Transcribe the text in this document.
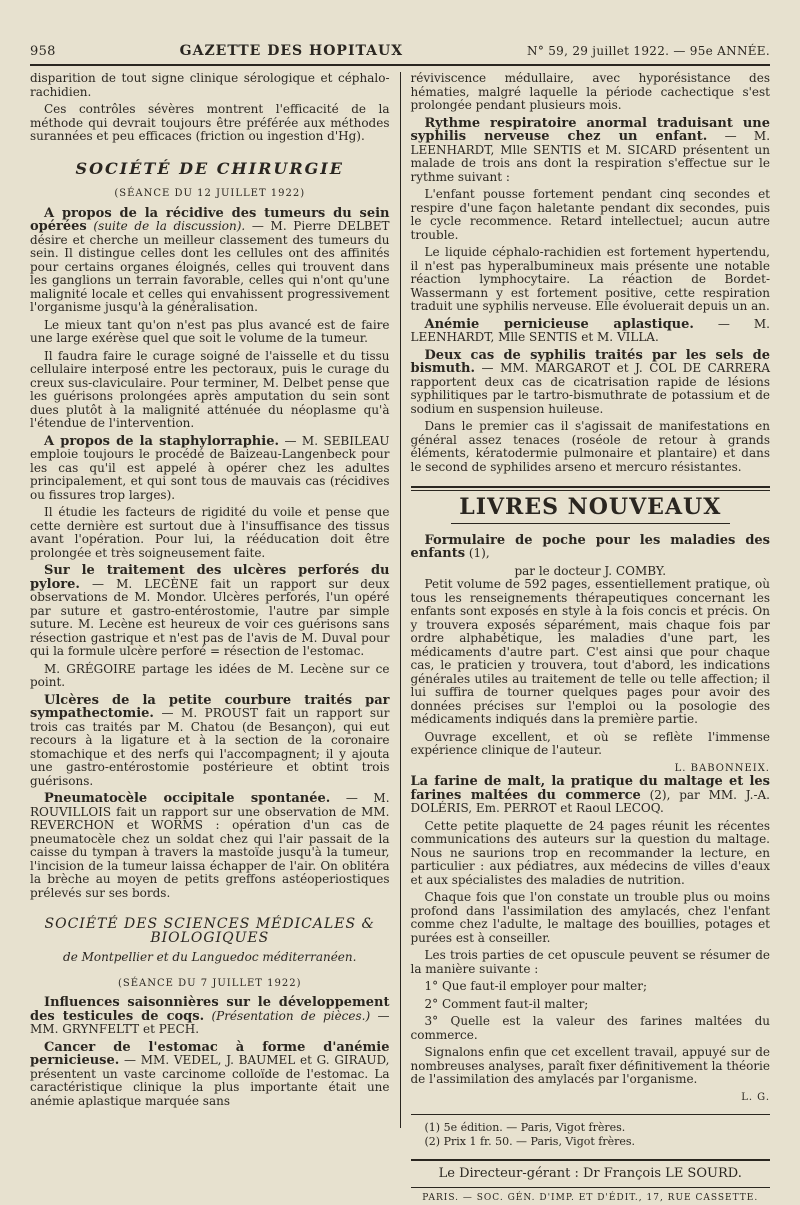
958	GAZETTE DES HOPITAUX	N° 59, 29 juillet 1922. — 95e ANNÉE.

disparition de tout signe clinique sérologique et céphalo-rachidien.

Ces contrôles sévères montrent l'efficacité de la méthode qui devrait toujours être préférée aux méthodes surannées et peu efficaces (friction ou ingestion d'Hg).

SOCIÉTÉ DE CHIRURGIE
(SÉANCE DU 12 JUILLET 1922)

A propos de la récidive des tumeurs du sein opérées (suite de la discussion). — M. Pierre DELBET désire et cherche un meilleur classement des tumeurs du sein. Il distingue celles dont les cellules ont des affinités pour certains organes éloignés, celles qui trouvent dans les ganglions un terrain favorable, celles qui n'ont qu'une malignité locale et celles qui envahissent progressivement l'organisme jusqu'à la généralisation.

Le mieux tant qu'on n'est pas plus avancé est de faire une large exérèse quel que soit le volume de la tumeur.

Il faudra faire le curage soigné de l'aisselle et du tissu cellulaire interposé entre les pectoraux, puis le curage du creux sus-claviculaire. Pour terminer, M. Delbet pense que les guérisons prolongées après amputation du sein sont dues plutôt à la malignité atténuée du néoplasme qu'à l'étendue de l'intervention.

A propos de la staphylorraphie. — M. SEBILEAU emploie toujours le procédé de Baizeau-Langenbeck pour les cas qu'il est appelé à opérer chez les adultes principalement, et qui sont tous de mauvais cas (récidives ou fissures trop larges).

Il étudie les facteurs de rigidité du voile et pense que cette dernière est surtout due à l'insuffisance des tissus avant l'opération. Pour lui, la rééducation doit être prolongée et très soigneusement faite.

Sur le traitement des ulcères perforés du pylore. — M. LECÈNE fait un rapport sur deux observations de M. Mondor. Ulcères perforés, l'un opéré par suture et gastro-entérostomie, l'autre par simple suture. M. Lecène est heureux de voir ces guérisons sans résection gastrique et n'est pas de l'avis de M. Duval pour qui la formule ulcère perforé = résection de l'estomac.

M. GRÉGOIRE partage les idées de M. Lecène sur ce point.

Ulcères de la petite courbure traités par sympathectomie. — M. PROUST fait un rapport sur trois cas traités par M. Chatou (de Besançon), qui eut recours à la ligature et à la section de la coronaire stomachique et des nerfs qui l'accompagnent; il y ajouta une gastro-entérostomie postérieure et obtint trois guérisons.

Pneumatocèle occipitale spontanée. — M. ROUVILLOIS fait un rapport sur une observation de MM. REVERCHON et WORMS : opération d'un cas de pneumatocèle chez un soldat chez qui l'air passait de la caisse du tympan à travers la mastoïde jusqu'à la tumeur, l'incision de la tumeur laissa échapper de l'air. On oblitéra la brèche au moyen de petits greffons astéoperiostiques prélevés sur ses bords.

SOCIÉTÉ DES SCIENCES MÉDICALES & BIOLOGIQUES
de Montpellier et du Languedoc méditerranéen.
(SÉANCE DU 7 JUILLET 1922)

Influences saisonnières sur le développement des testicules de coqs. (Présentation de pièces.) — MM. GRYNFELTT et PECH.

Cancer de l'estomac à forme d'anémie pernicieuse. — MM. VEDEL, J. BAUMEL et G. GIRAUD, présentent un vaste carcinome colloïde de l'estomac. La caractéristique clinique la plus importante était une anémie aplastique marquée sans

réviviscence médullaire, avec hyporésistance des hématies, malgré laquelle la période cachectique s'est prolongée pendant plusieurs mois.

Rythme respiratoire anormal traduisant une syphilis nerveuse chez un enfant. — M. LEENHARDT, Mlle SENTIS et M. SICARD présentent un malade de trois ans dont la respiration s'effectue sur le rythme suivant :

L'enfant pousse fortement pendant cinq secondes et respire d'une façon haletante pendant dix secondes, puis le cycle recommence. Retard intellectuel; aucun autre trouble.

Le liquide céphalo-rachidien est fortement hypertendu, il n'est pas hyperalbumineux mais présente une notable réaction lymphocytaire. La réaction de Bordet-Wassermann y est fortement positive, cette respiration traduit une syphilis nerveuse. Elle évoluerait depuis un an.

Anémie pernicieuse aplastique. — M. LEENHARDT, Mlle SENTIS et M. VILLA.

Deux cas de syphilis traités par les sels de bismuth. — MM. MARGAROT et J. COL DE CARRERA rapportent deux cas de cicatrisation rapide de lésions syphilitiques par le tartro-bismuthrate de potassium et de sodium en suspension huileuse.

Dans le premier cas il s'agissait de manifestations en général assez tenaces (roséole de retour à grands éléments, kératodermie pulmonaire et plantaire) et dans le second de syphilides arseno et mercuro résistantes.

LIVRES NOUVEAUX

Formulaire de poche pour les maladies des enfants (1),

par le docteur J. COMBY.

Petit volume de 592 pages, essentiellement pratique, où tous les renseignements thérapeutiques concernant les enfants sont exposés en style à la fois concis et précis. On y trouvera exposés séparément, mais chaque fois par ordre alphabétique, les maladies d'une part, les médicaments d'autre part. C'est ainsi que pour chaque cas, le praticien y trouvera, tout d'abord, les indications générales utiles au traitement de telle ou telle affection; il lui suffira de tourner quelques pages pour avoir des données précises sur l'emploi ou la posologie des médicaments indiqués dans la première partie.

Ouvrage excellent, et où se reflète l'immense expérience clinique de l'auteur.

L. BABONNEIX.

La farine de malt, la pratique du maltage et les farines maltées du commerce (2), par MM. J.-A. DOLÉRIS, Em. PERROT et Raoul LECOQ.

Cette petite plaquette de 24 pages réunit les récentes communications des auteurs sur la question du maltage. Nous ne saurions trop en recommander la lecture, en particulier : aux pédiatres, aux médecins de villes d'eaux et aux spécialistes des maladies de nutrition.

Chaque fois que l'on constate un trouble plus ou moins profond dans l'assimilation des amylacés, chez l'enfant comme chez l'adulte, le maltage des bouillies, potages et purées est à conseiller.

Les trois parties de cet opuscule peuvent se résumer de la manière suivante :

1° Que faut-il employer pour malter;

2° Comment faut-il malter;

3° Quelle est la valeur des farines maltées du commerce.

Signalons enfin que cet excellent travail, appuyé sur de nombreuses analyses, paraît fixer définitivement la théorie de l'assimilation des amylacés par l'organisme.

L. G.
(1) 5e édition. — Paris, Vigot frères.
(2) Prix 1 fr. 50. — Paris, Vigot frères.
Le Directeur-gérant : Dr François LE SOURD.
PARIS. — SOC. GÉN. D'IMP. ET D'ÉDIT., 17, RUE CASSETTE.
